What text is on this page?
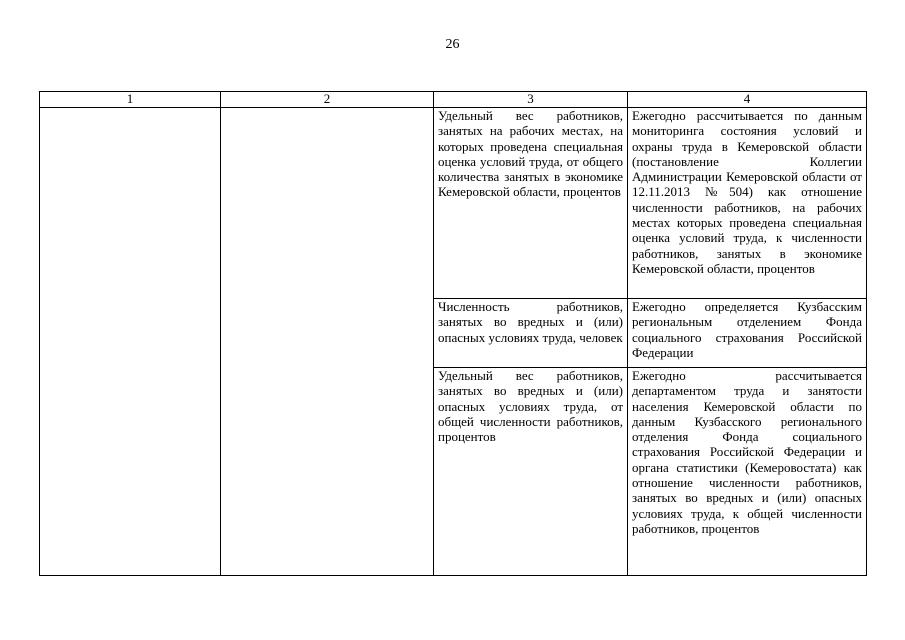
26
1	2	3	4
		Удельный вес работников, занятых на рабочих местах, на которых проведена специальная оценка условий труда, от общего количества занятых в экономике Кемеровской области, процентов	Ежегодно рассчитывается по данным мониторинга состояния условий и охраны труда в Кемеровской области (постановление Коллегии Администрации Кемеровской области от 12.11.2013 №504) как отношение численности работников, на рабочих местах которых проведена специальная оценка условий труда, к численности работников, занятых в экономике Кемеровской области, процентов
		Численность работников, занятых во вредных и (или) опасных условиях труда, человек	Ежегодно определяется Кузбасским региональным отделением Фонда социального страхования Российской Федерации
		Удельный вес работников, занятых во вредных и (или) опасных условиях труда, от общей численности работников, процентов	Ежегодно рассчитывается департаментом труда и занятости населения Кемеровской области по данным Кузбасского регионального отделения Фонда социального страхования Российской Федерации и органа статистики (Кемеровостата) как отношение численности работников, занятых во вредных и (или) опасных условиях труда, к общей численности работников, процентов
